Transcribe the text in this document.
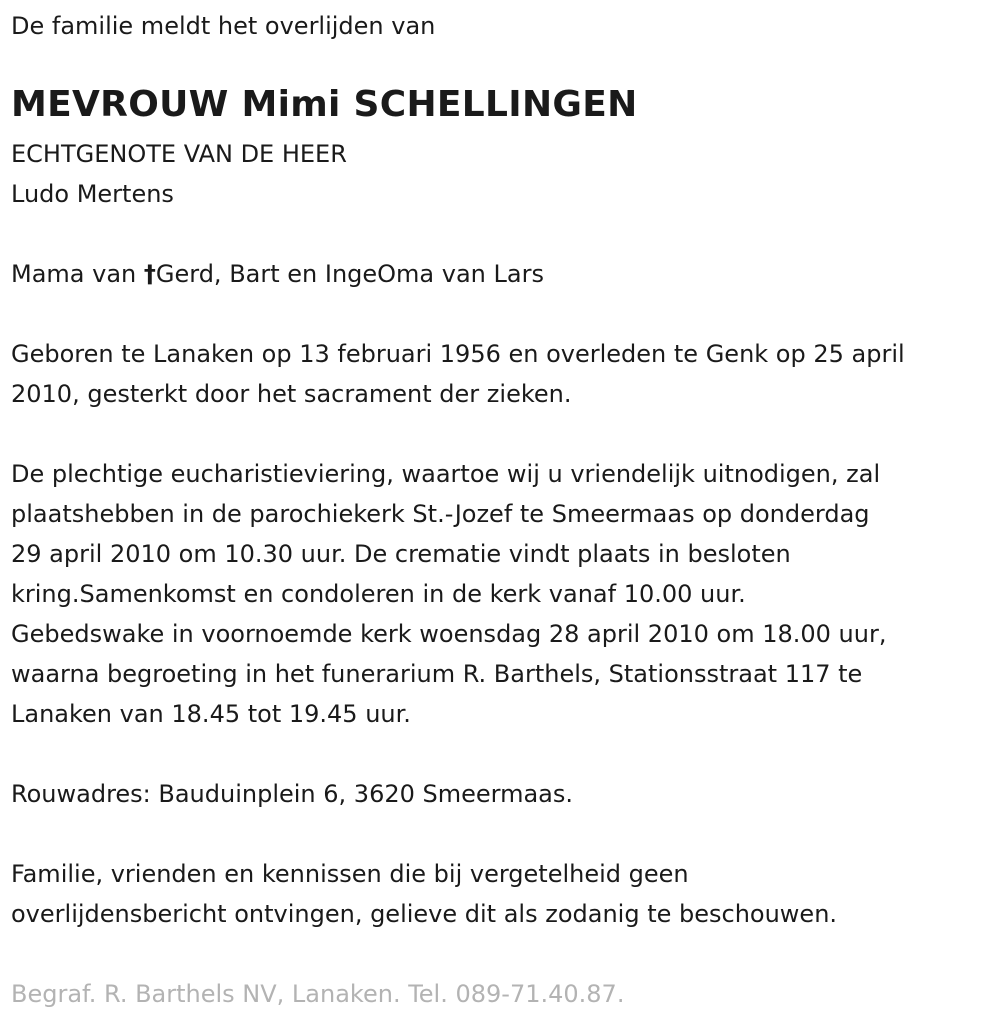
De familie meldt het overlijden van

MEVROUW Mimi SCHELLINGEN

ECHTGENOTE VAN DE HEER

Ludo Mertens

Mama van †Gerd, Bart en IngeOma van Lars

Geboren te Lanaken op 13 februari 1956 en overleden te Genk op 25 april

2010, gesterkt door het sacrament der zieken.

De plechtige eucharistieviering, waartoe wij u vriendelijk uitnodigen, zal

plaatshebben in de parochiekerk St.-Jozef te Smeermaas op donderdag

29 april 2010 om 10.30 uur. De crematie vindt plaats in besloten

kring.Samenkomst en condoleren in de kerk vanaf 10.00 uur.

Gebedswake in voornoemde kerk woensdag 28 april 2010 om 18.00 uur,

waarna begroeting in het funerarium R. Barthels, Stationsstraat 117 te

Lanaken van 18.45 tot 19.45 uur.

Rouwadres: Bauduinplein 6, 3620 Smeermaas.

Familie, vrienden en kennissen die bij vergetelheid geen

overlijdensbericht ontvingen, gelieve dit als zodanig te beschouwen.

Begraf. R. Barthels NV, Lanaken. Tel. 089-71.40.87.
